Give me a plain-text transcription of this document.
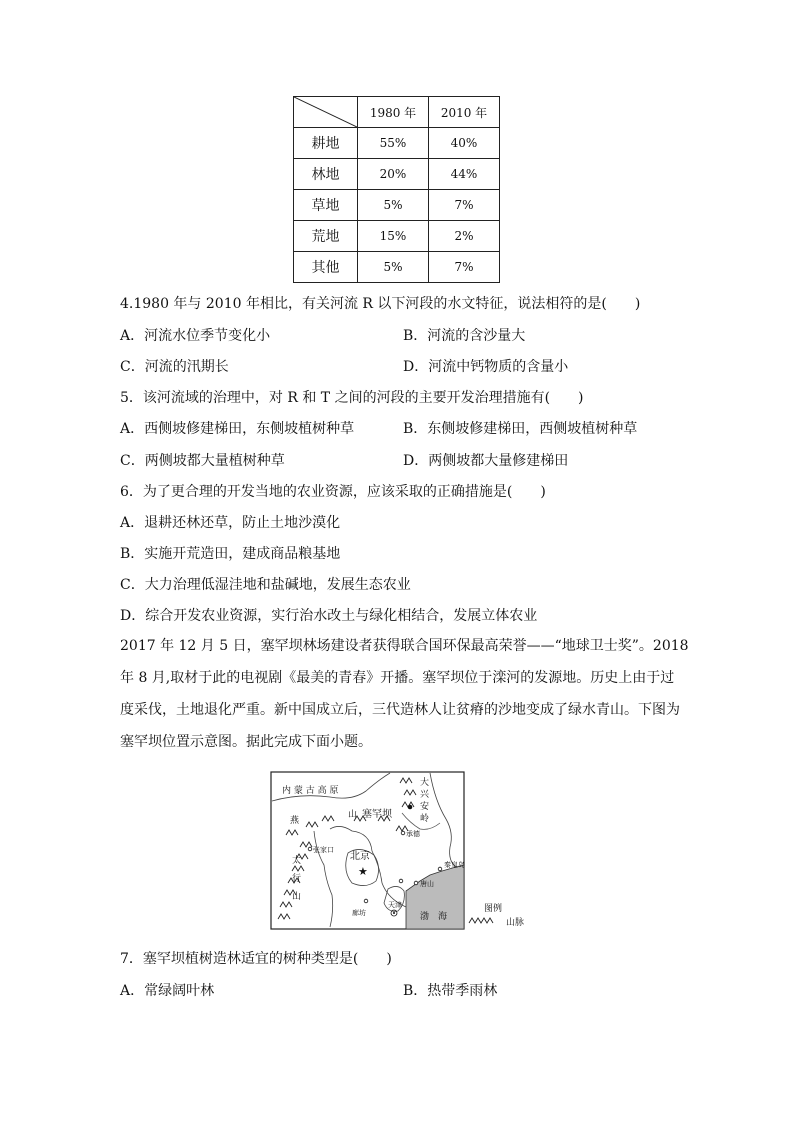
	1980 年	2010 年
耕地	55%	40%
林地	20%	44%
草地	5%	7%
荒地	15%	2%
其他	5%	7%
4.1980 年与 2010 年相比，有关河流 R 以下河段的水文特征，说法相符的是(　　)
A．河流水位季节变化小	B．河流的含沙量大
C．河流的汛期长	D．河流中钙物质的含量小
5．该河流域的治理中，对 R 和 T 之间的河段的主要开发治理措施有(　　)
A．西侧坡修建梯田，东侧坡植树种草	B．东侧坡修建梯田，西侧坡植树种草
C．两侧坡都大量植树种草	D．两侧坡都大量修建梯田
6．为了更合理的开发当地的农业资源，应该采取的正确措施是(　　)
A．退耕还林还草，防止土地沙漠化
B．实施开荒造田，建成商品粮基地
C．大力治理低湿洼地和盐碱地，发展生态农业
D．综合开发农业资源，实行治水改土与绿化相结合，发展立体农业
2017 年 12 月 5 日，塞罕坝林场建设者获得联合国环保最高荣誉——“地球卫士奖”。2018
年 8 月,取材于此的电视剧《最美的青春》开播。塞罕坝位于滦河的发源地。历史上由于过
度采伐，土地退化严重。新中国成立后，三代造林人让贫瘠的沙地变成了绿水青山。下图为
塞罕坝位置示意图。据此完成下面小题。
内 蒙 古 高 原
塞罕坝
燕
山
大
兴
安
岭
太
行
山
张家口
承德
北京
★	秦皇岛
唐山
廊坊
天津
渤　海
图例
山脉
7．塞罕坝植树造林适宜的树种类型是(　　)
A．常绿阔叶林	B．热带季雨林
